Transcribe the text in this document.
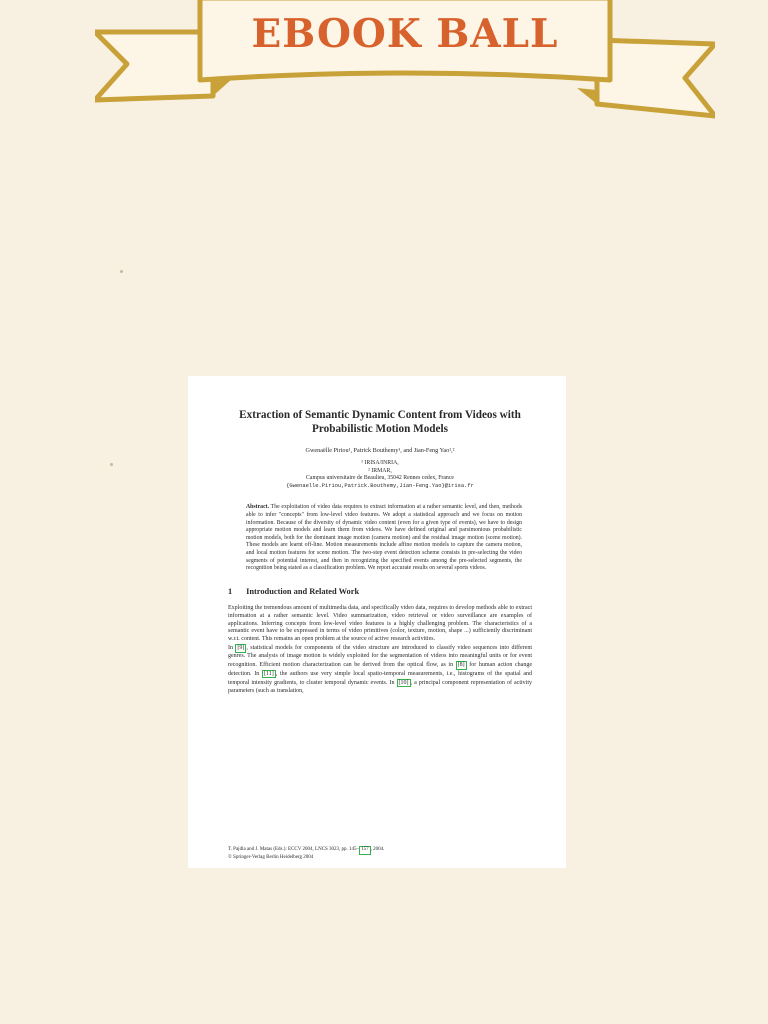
EBOOK BALL
Extraction of Semantic Dynamic Content from Videos with Probabilistic Motion Models
Gwenaëlle Piriou¹, Patrick Bouthemy¹, and Jian-Feng Yao¹,²
¹ IRISA/INRIA,
² IRMAR,
Campus universitaire de Beaulieu, 35042 Rennes cedex, France
{Gwenaelle.Piriou,Patrick.Bouthemy,Jian-Feng.Yao}@irisa.fr
Abstract. The exploitation of video data requires to extract information at a rather semantic level, and then, methods able to infer "concepts" from low-level video features. We adopt a statistical approach and we focus on motion information. Because of the diversity of dynamic video content (even for a given type of events), we have to design appropriate motion models and learn them from videos. We have defined original and parsimonious probabilistic motion models, both for the dominant image motion (camera motion) and the residual image motion (scene motion). These models are learnt off-line. Motion measurements include affine motion models to capture the camera motion, and local motion features for scene motion. The two-step event detection scheme consists in pre-selecting the video segments of potential interest, and then in recognizing the specified events among the pre-selected segments, the recognition being stated as a classification problem. We report accurate results on several sports videos.
1 Introduction and Related Work
Exploiting the tremendous amount of multimedia data, and specifically video data, requires to develop methods able to extract information at a rather semantic level. Video summarization, video retrieval or video surveillance are examples of applications. Inferring concepts from low-level video features is a highly challenging problem. The characteristics of a semantic event have to be expressed in terms of video primitives (color, texture, motion, shape ...) sufficiently discriminant w.r.t. content. This remains an open problem at the source of active research activities.
In [9] , statistical models for components of the video structure are introduced to classify video sequences into different genres. The analysis of image motion is widely exploited for the segmentation of videos into meaningful units or for event recognition. Efficient motion characterization can be derived from the optical flow, as in [8] for human action change detection. In [11] , the authors use very simple local spatio-temporal measurements, i.e., histograms of the spatial and temporal intensity gradients, to cluster temporal dynamic events. In [10] , a principal component representation of activity parameters (such as translation,
T. Pajdla and J. Matas (Eds.): ECCV 2004, LNCS 3023, pp. 145– 157 , 2004.
© Springer-Verlag Berlin Heidelberg 2004
